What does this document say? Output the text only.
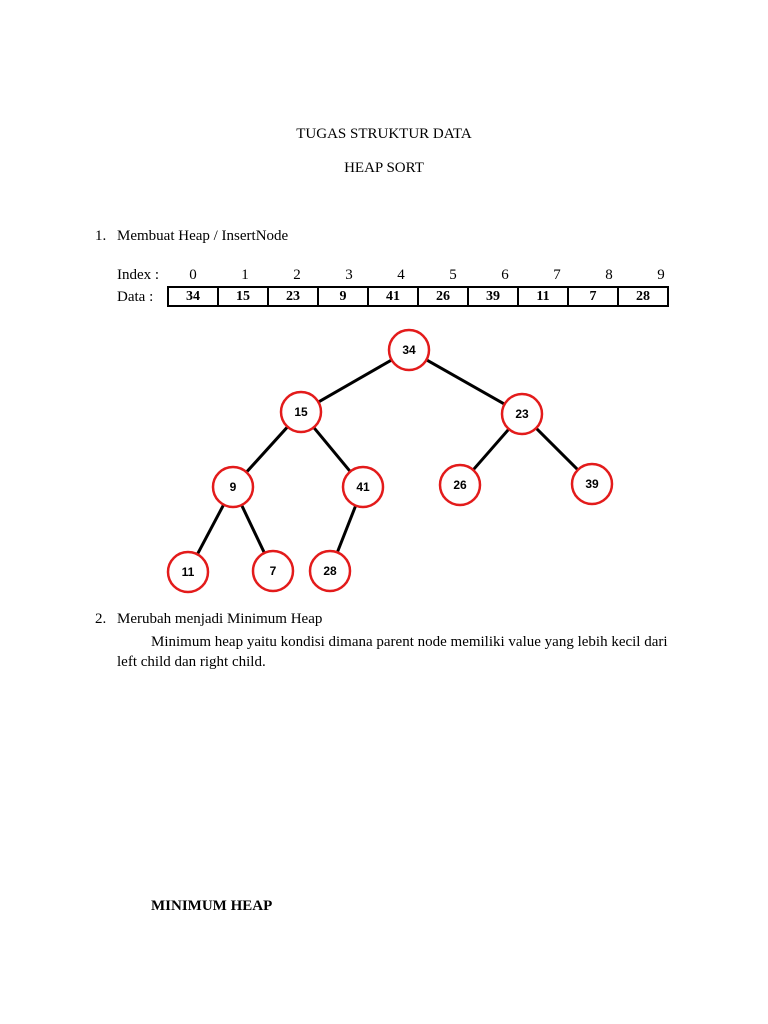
TUGAS STRUKTUR DATA
HEAP SORT
1. Membuat Heap / InsertNode
Index :
Data :
0	1	2	3	4	5	6	7	8	9
34	15	23	9	41	26	39	11	7	28
34
15	23
9	41	26	39
11	7	28
2. Merubah menjadi Minimum Heap
Minimum heap yaitu kondisi dimana parent node memiliki value yang lebih kecil dari
left child dan right child.
MINIMUM HEAP
